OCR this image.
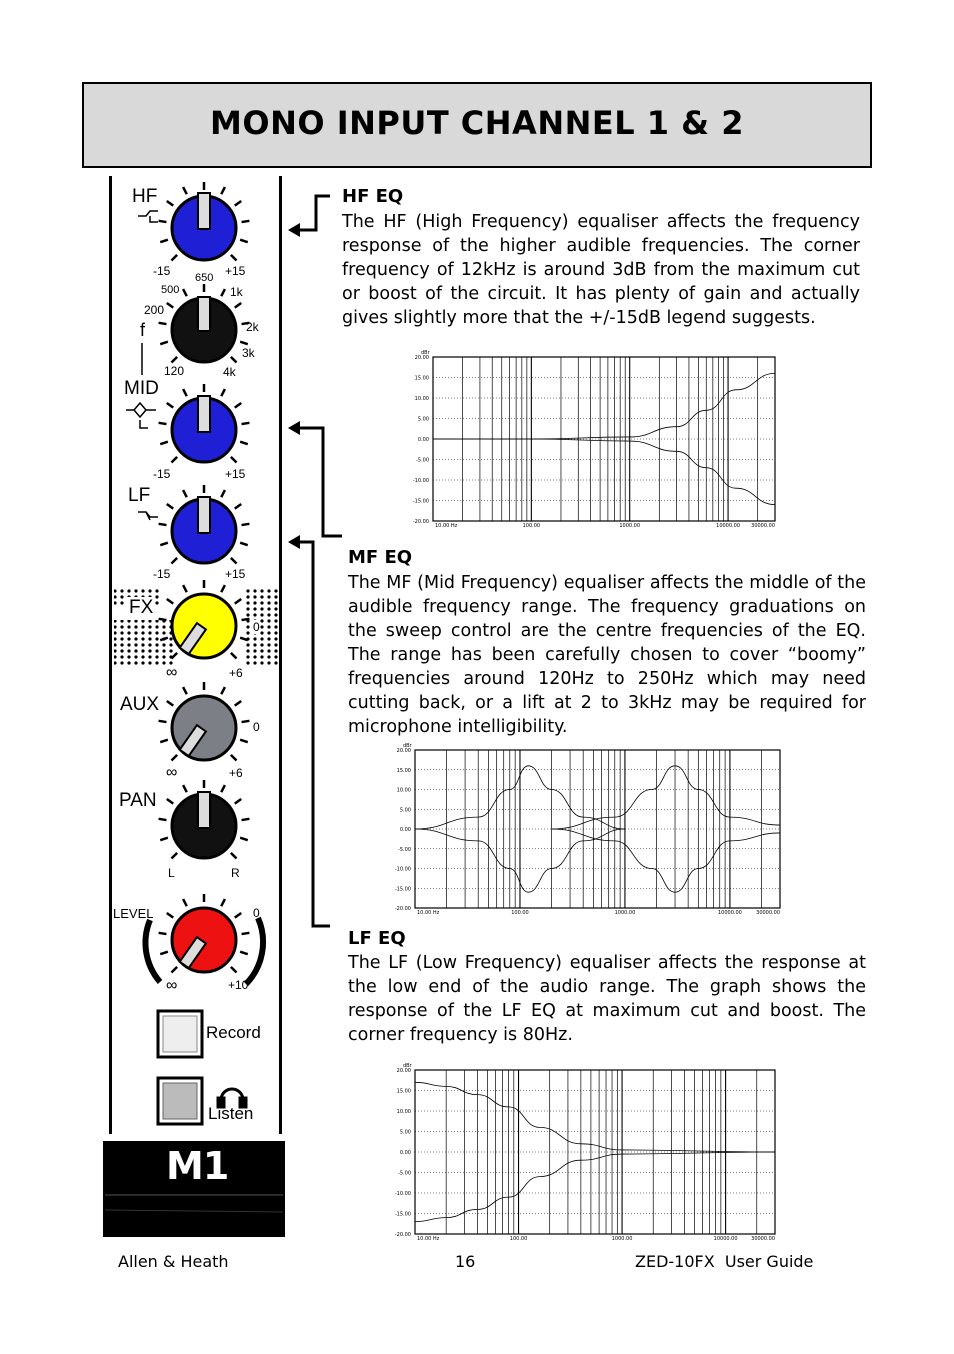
MONO INPUT CHANNEL 1 & 2
HF
-15 650 +15
500	1k
200
f	2k
3k
120	4k
MID
-15	+15
LF
-15	+15
FX
0
∞	+6
AUX
0
∞	+6
PAN
L	R
LEVEL	0
∞	+10
Record
Listen
M1
HF EQ
The HF (High Frequency) equaliser affects the frequency response of the higher audible frequencies. The corner frequency of 12kHz is around 3dB from the maximum cut or boost of the circuit. It has plenty of gain and actually gives slightly more that the +/-15dB legend suggests.
MF EQ
The MF (Mid Frequency) equaliser affects the middle of the audible frequency range. The frequency graduations on the sweep control are the centre frequencies of the EQ. The range has been carefully chosen to cover “boomy” frequencies around 120Hz to 250Hz which may need cutting back, or a lift at 2 to 3kHz may be required for microphone intelligibility.
LF EQ
The LF (Low Frequency) equaliser affects the response at the low end of the audio range. The graph shows the response of the LF EQ at maximum cut and boost. The corner frequency is 80Hz.
20.00
15.00
10.00
5.00
0.00
-5.00
-10.00
-15.00
-20.00
dBr
10.00 Hz	100.00	1000.00	10000.00 30000.00
20.00
15.00
10.00
5.00
0.00
-5.00
-10.00
-15.00
-20.00
dBr
10.00 Hz	100.00	1000.00	10000.00	30000.00
20.00
15.00
10.00
5.00
0.00
-5.00
-10.00
-15.00
-20.00
dBr
10.00 Hz	100.00	1000.00	10000.00	30000.00
Allen & Heath	16	ZED-10FX  User Guide
